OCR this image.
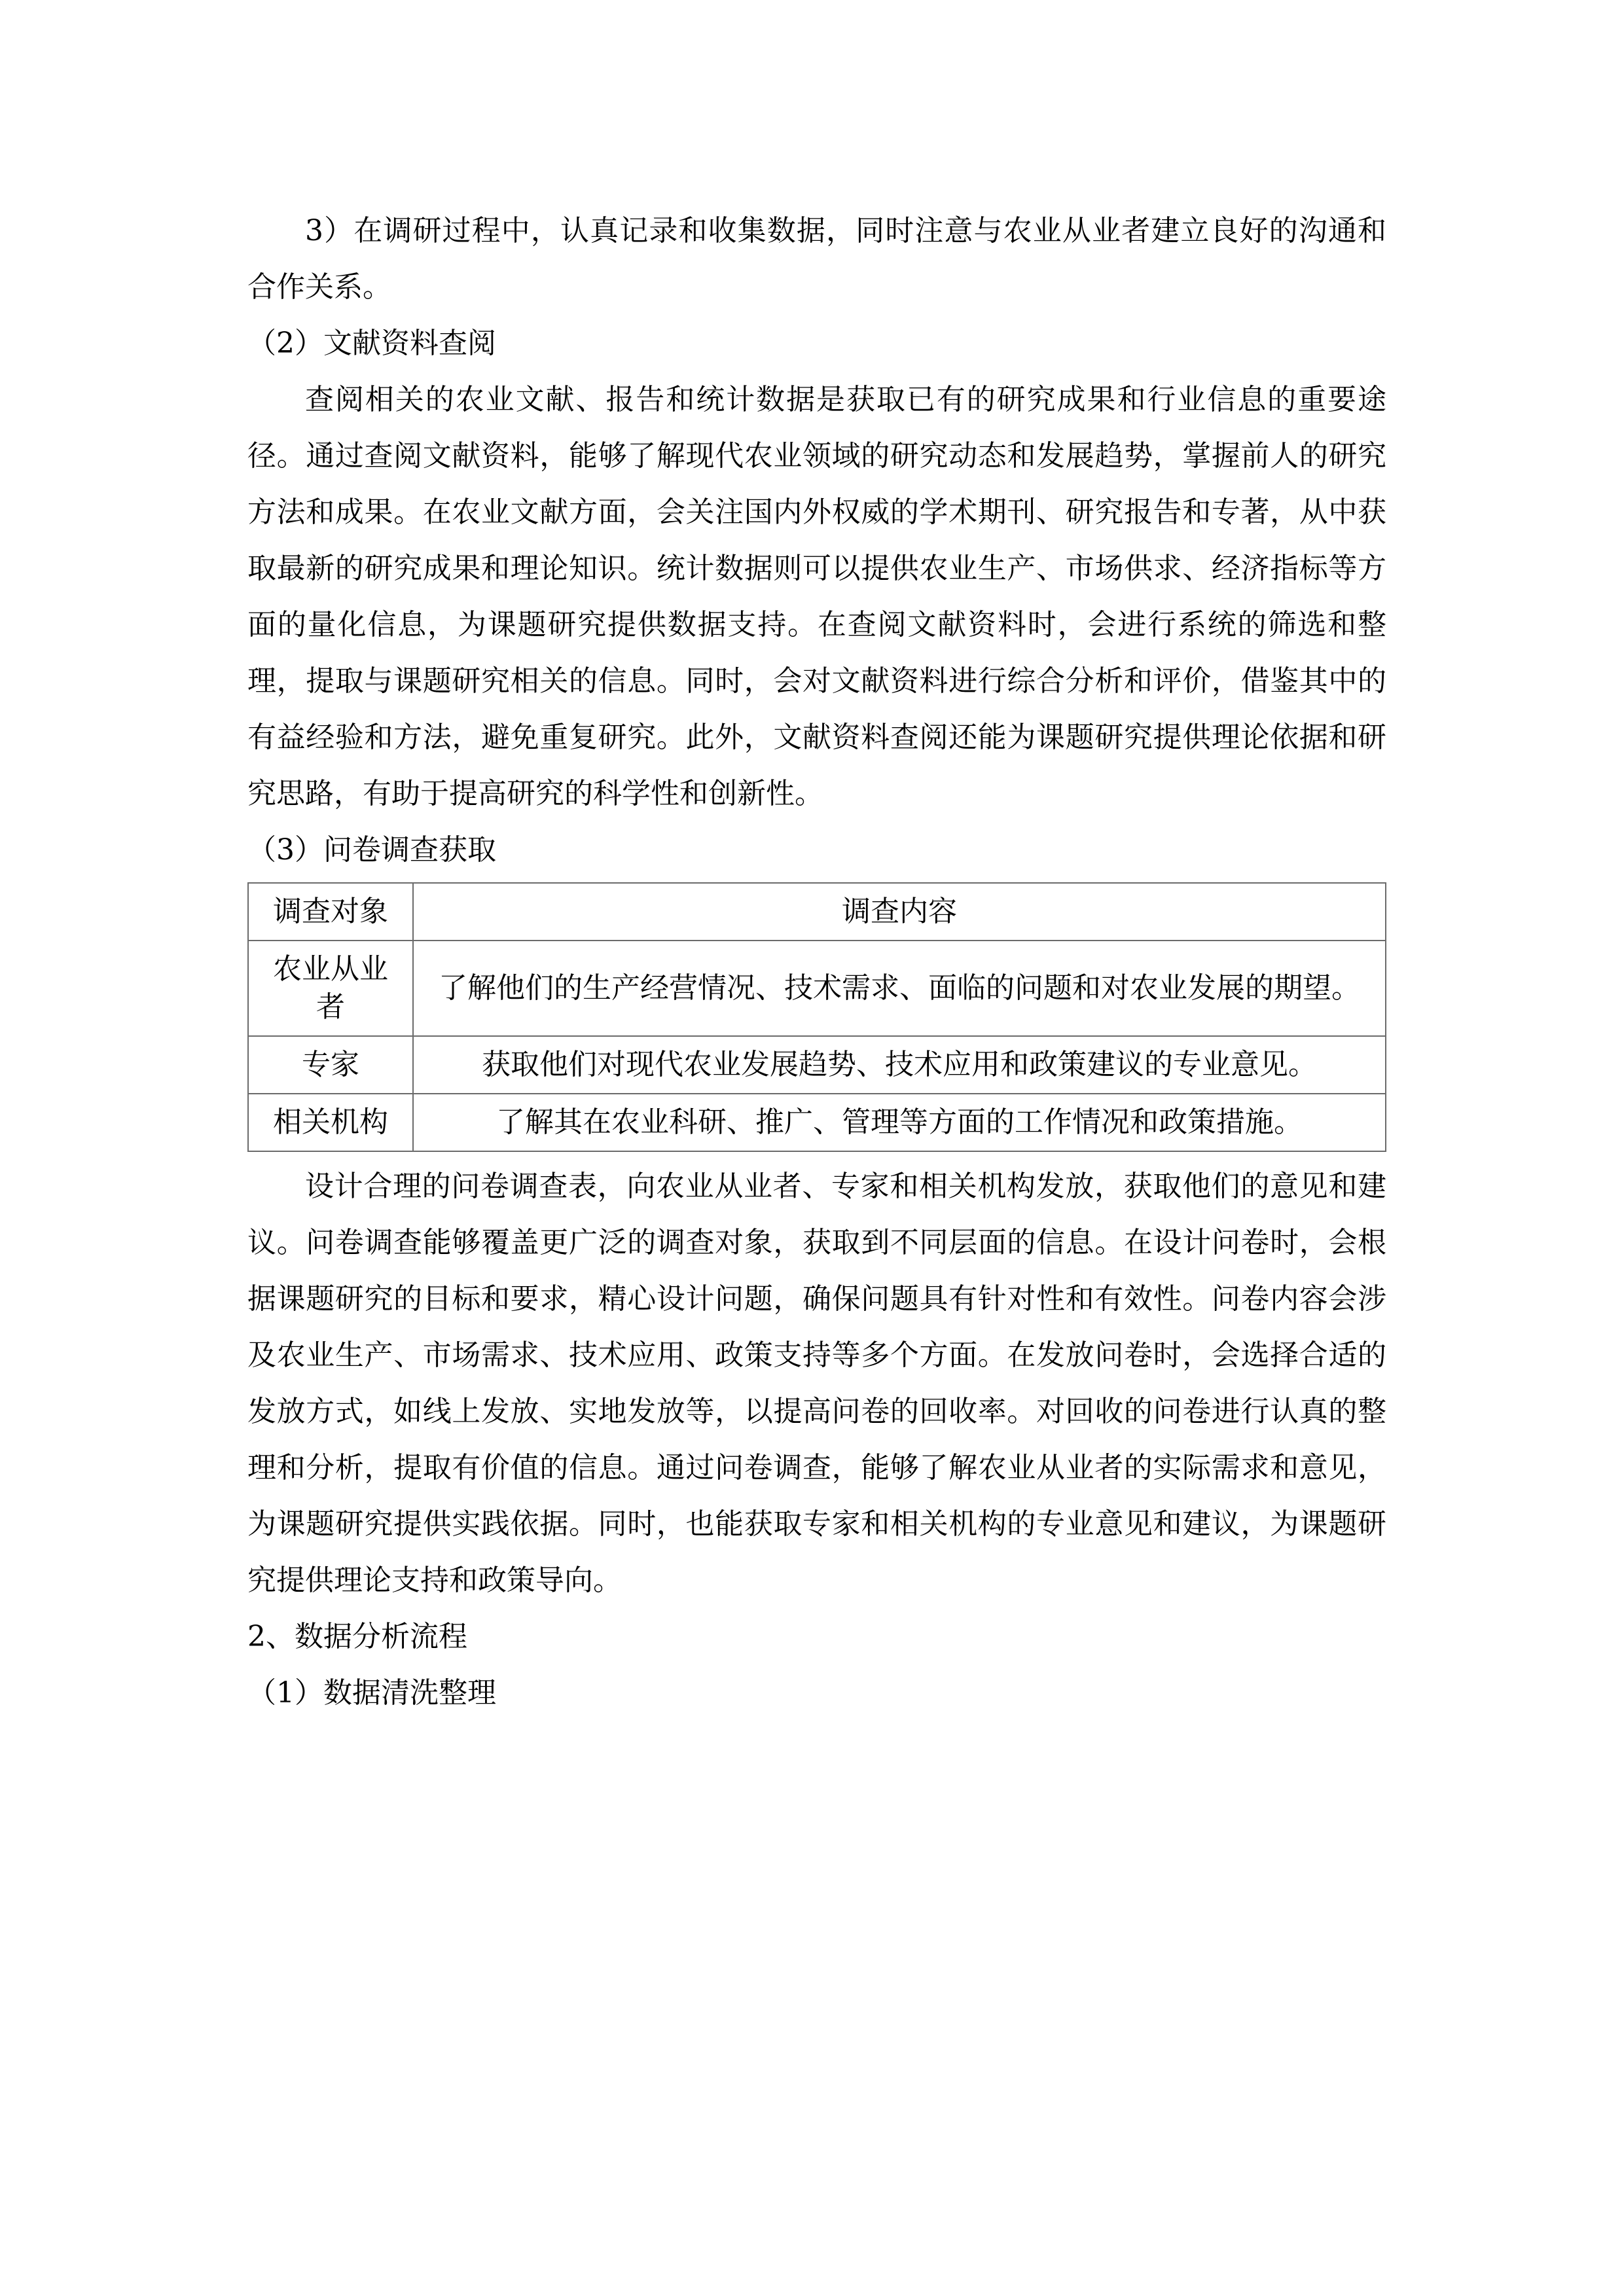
3）在调研过程中，认真记录和收集数据，同时注意与农业从业者建立良好的沟通和合作关系。

（2）文献资料查阅

查阅相关的农业文献、报告和统计数据是获取已有的研究成果和行业信息的重要途径。通过查阅文献资料，能够了解现代农业领域的研究动态和发展趋势，掌握前人的研究方法和成果。在农业文献方面，会关注国内外权威的学术期刊、研究报告和专著，从中获取最新的研究成果和理论知识。统计数据则可以提供农业生产、市场供求、经济指标等方面的量化信息，为课题研究提供数据支持。在查阅文献资料时，会进行系统的筛选和整理，提取与课题研究相关的信息。同时，会对文献资料进行综合分析和评价，借鉴其中的有益经验和方法，避免重复研究。此外，文献资料查阅还能为课题研究提供理论依据和研究思路，有助于提高研究的科学性和创新性。

（3）问卷调查获取

调查对象	调查内容
农业从业者	了解他们的生产经营情况、技术需求、面临的问题和对农业发展的期望。
专家	获取他们对现代农业发展趋势、技术应用和政策建议的专业意见。
相关机构	了解其在农业科研、推广、管理等方面的工作情况和政策措施。

设计合理的问卷调查表，向农业从业者、专家和相关机构发放，获取他们的意见和建议。问卷调查能够覆盖更广泛的调查对象，获取到不同层面的信息。在设计问卷时，会根据课题研究的目标和要求，精心设计问题，确保问题具有针对性和有效性。问卷内容会涉及农业生产、市场需求、技术应用、政策支持等多个方面。在发放问卷时，会选择合适的发放方式，如线上发放、实地发放等，以提高问卷的回收率。对回收的问卷进行认真的整理和分析，提取有价值的信息。通过问卷调查，能够了解农业从业者的实际需求和意见，为课题研究提供实践依据。同时，也能获取专家和相关机构的专业意见和建议，为课题研究提供理论支持和政策导向。

2、数据分析流程

（1）数据清洗整理
